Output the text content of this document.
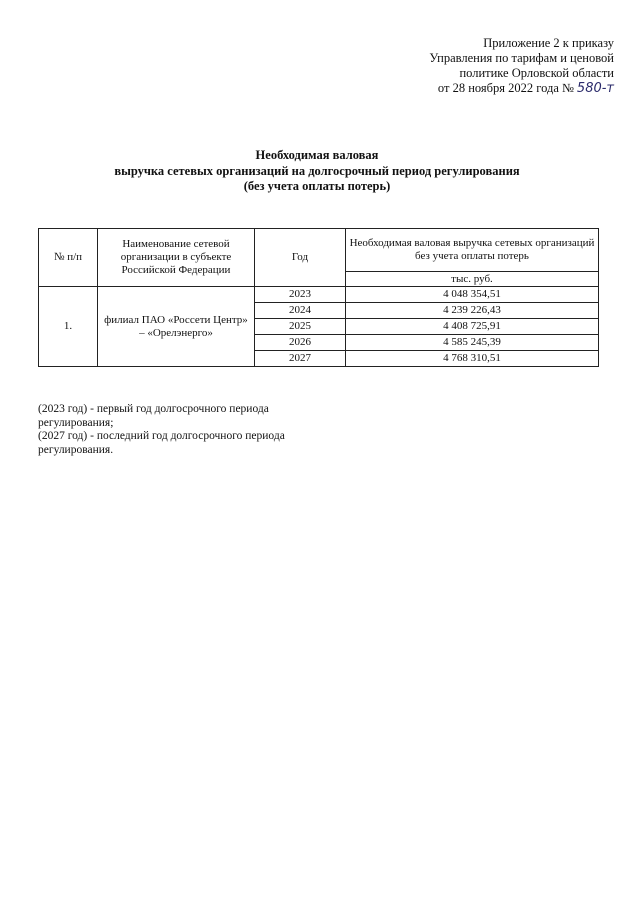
Приложение 2 к приказу
Управления по тарифам и ценовой
политике Орловской области
от 28 ноября 2022 года № 580-т
Необходимая валовая
выручка сетевых организаций на долгосрочный период регулирования
(без учета оплаты потерь)
№ п/п	Наименование сетевой организации в субъекте Российской Федерации	Год	Необходимая валовая выручка сетевых организаций без учета оплаты потерь
			тыс. руб.
1.	филиал ПАО «Россети Центр» – «Орелэнерго»	2023	4 048 354,51
		2024	4 239 226,43
		2025	4 408 725,91
		2026	4 585 245,39
		2027	4 768 310,51
(2023 год) - первый год долгосрочного периода регулирования;
(2027 год) - последний год долгосрочного периода регулирования.
